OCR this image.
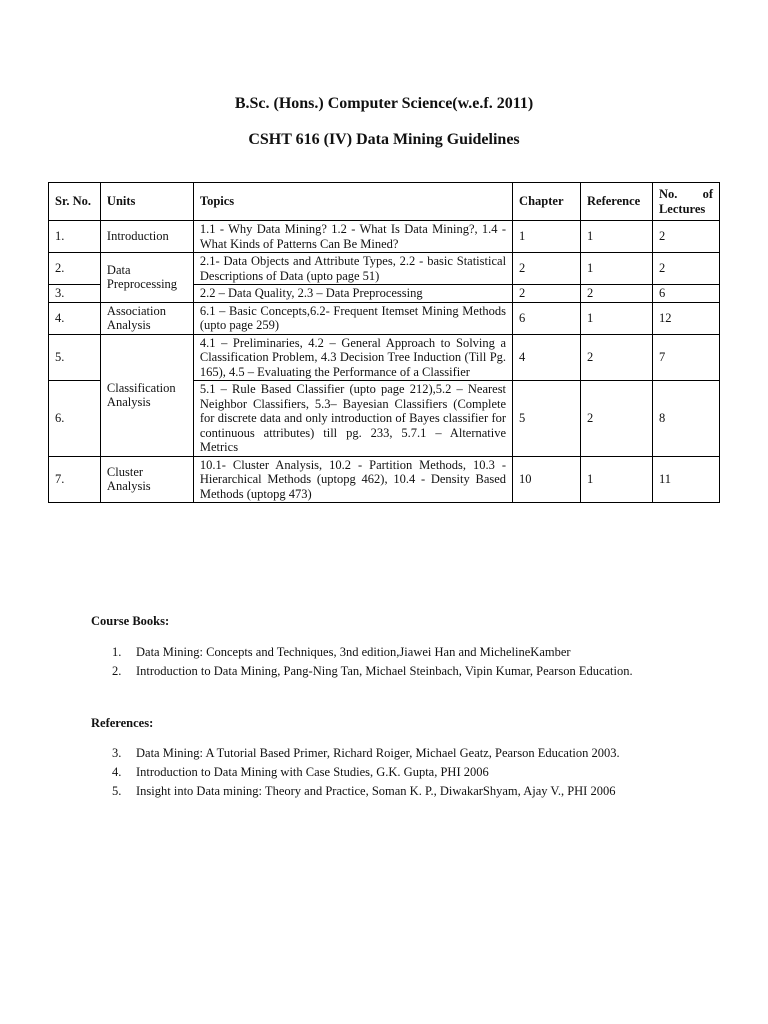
B.Sc. (Hons.) Computer Science(w.e.f. 2011)
CSHT 616 (IV) Data Mining Guidelines
Sr. No.	Units	Topics	Chapter	Reference	No. of
Lectures

1.	Introduction	1.1 - Why Data Mining? 1.2 - What Is Data Mining?, 1.4 - What Kinds of Patterns Can Be Mined?	1	1	2
2.	Data Preprocessing	2.1- Data Objects and Attribute Types, 2.2 - basic Statistical Descriptions of Data (upto page 51)	2	1	2
3.		2.2 – Data Quality, 2.3 – Data Preprocessing	2	2	6
4.	Association Analysis	6.1 – Basic Concepts,6.2- Frequent Itemset Mining Methods (upto page 259)	6	1	12
5.	Classification Analysis	4.1 – Preliminaries, 4.2 – General Approach to Solving a Classification Problem, 4.3 Decision Tree Induction (Till Pg. 165), 4.5 – Evaluating the Performance of a Classifier	4	2	7
6.		5.1 – Rule Based Classifier (upto page 212),5.2 – Nearest Neighbor Classifiers, 5.3– Bayesian Classifiers (Complete for discrete data and only introduction of Bayes classifier for continuous attributes) till pg. 233, 5.7.1 – Alternative Metrics	5	2	8
7.	Cluster Analysis	10.1- Cluster Analysis, 10.2 - Partition Methods, 10.3 - Hierarchical Methods (uptopg 462), 10.4 - Density Based Methods (uptopg 473)	10	1	11

Course Books:

1. Data Mining: Concepts and Techniques, 3nd edition,Jiawei Han and MichelineKamber
2. Introduction to Data Mining, Pang-Ning Tan, Michael Steinbach, Vipin Kumar, Pearson Education.

References:

3. Data Mining: A Tutorial Based Primer, Richard Roiger, Michael Geatz, Pearson Education 2003.
4. Introduction to Data Mining with Case Studies, G.K. Gupta, PHI 2006
5. Insight into Data mining: Theory and Practice, Soman K. P., DiwakarShyam, Ajay V., PHI 2006
